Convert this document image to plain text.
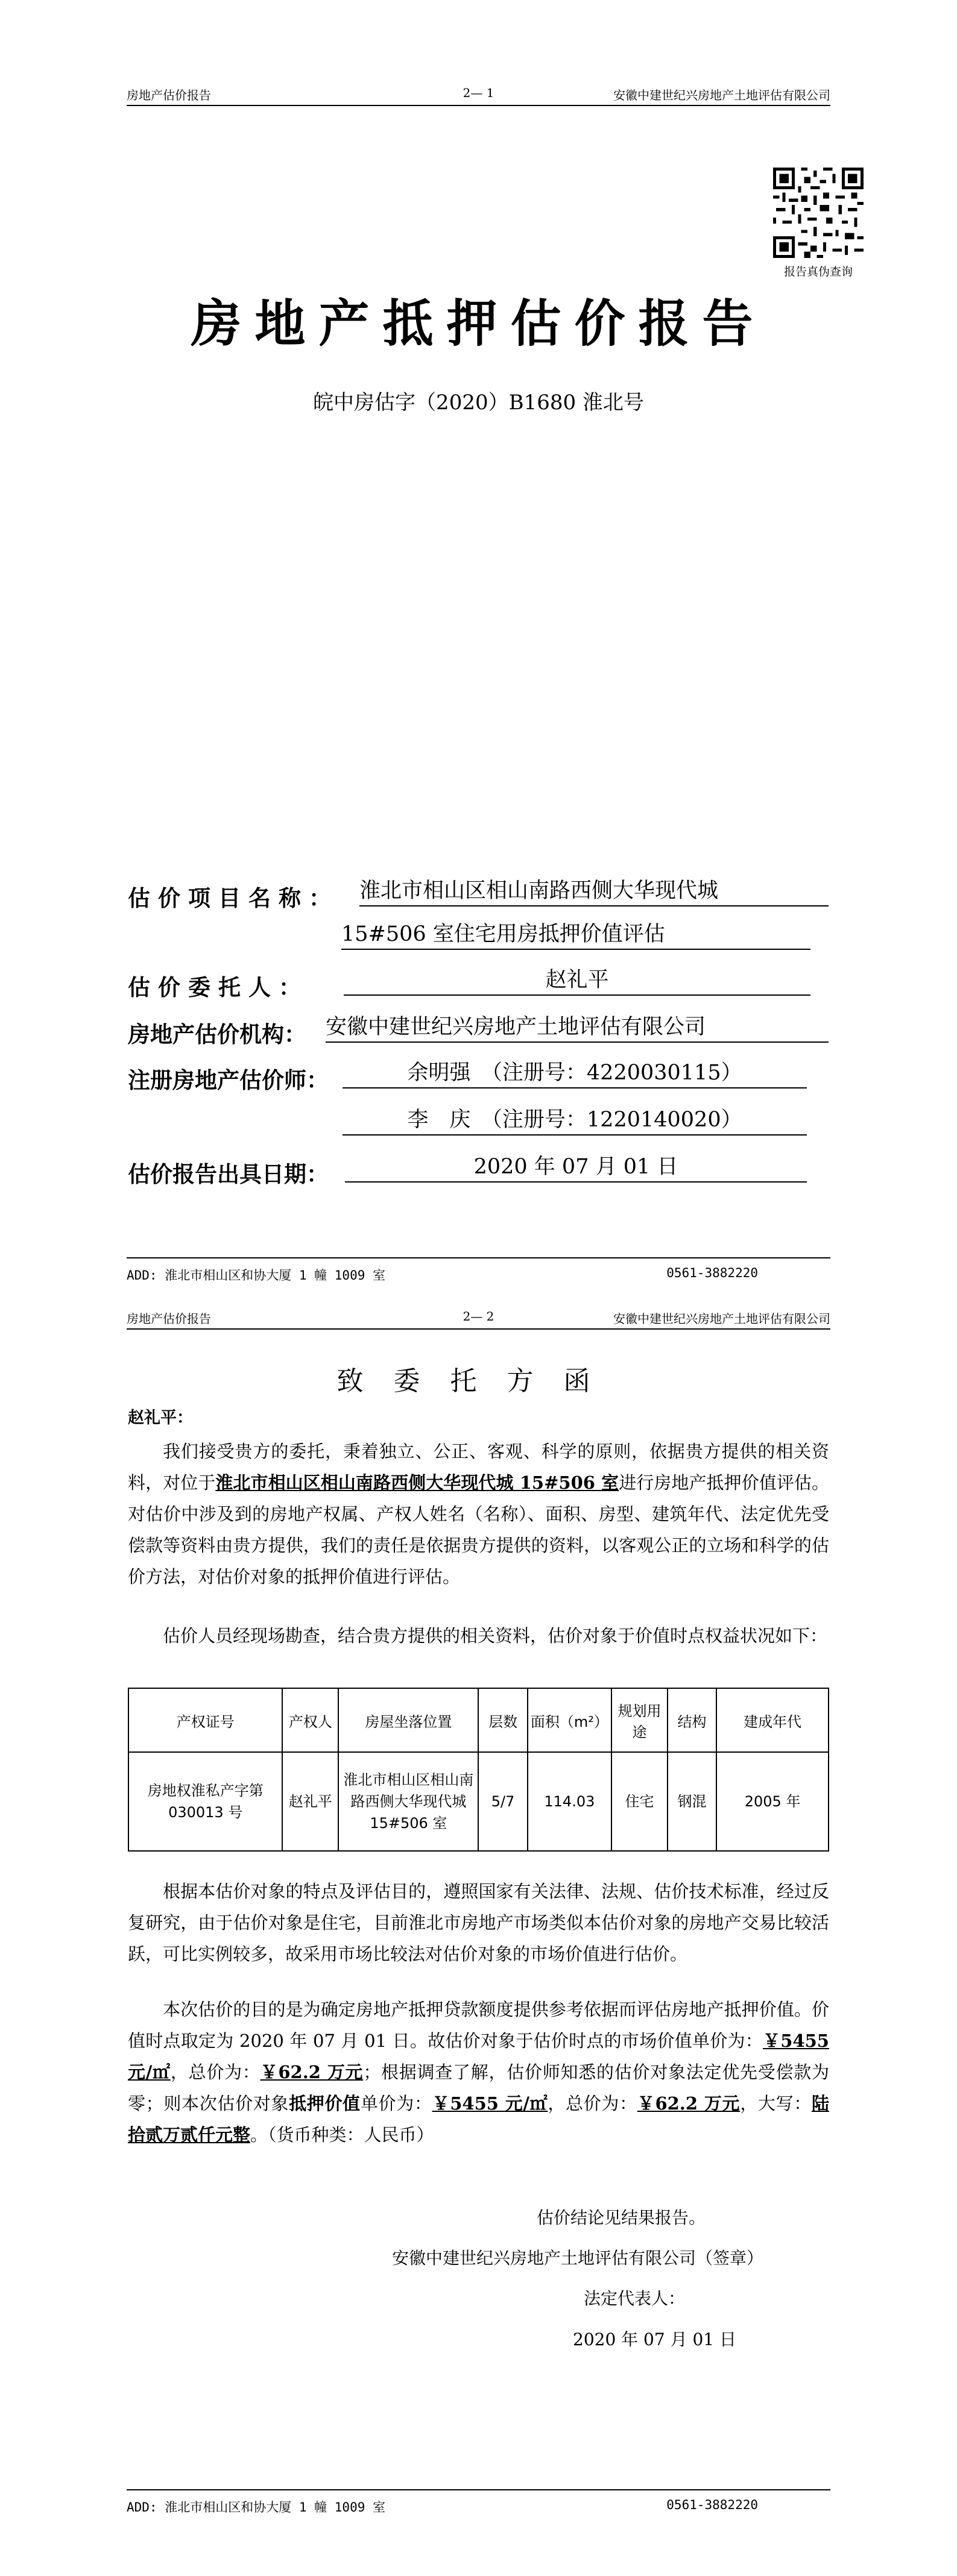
房地产估价报告	2— 1	安徽中建世纪兴房地产土地评估有限公司
报告真伪查询
房地产抵押估价报告
皖中房估字（2020）B1680 淮北号
估价项目名称： 淮北市相山区相山南路西侧大华现代城
15#506 室住宅用房抵押价值评估
估价委托人：	赵礼平
房地产估价机构： 安徽中建世纪兴房地产土地评估有限公司
注册房地产估价师：	余明强　（注册号：4220030115）
李　庆　（注册号：1220140020）
估价报告出具日期：	2020 年 07 月 01 日
ADD: 淮北市相山区和协大厦 1 幢 1009 室	0561-3882220
房地产估价报告	2— 2	安徽中建世纪兴房地产土地评估有限公司
致委托方函
赵礼平：
我们接受贵方的委托，秉着独立、公正、客观、科学的原则，依据贵方提供的相关资料，对位于淮北市相山区相山南路西侧大华现代城 15#506 室进行房地产抵押价值评估。对估价中涉及到的房地产权属、产权人姓名（名称）、面积、房型、建筑年代、法定优先受偿款等资料由贵方提供，我们的责任是依据贵方提供的资料，以客观公正的立场和科学的估价方法，对估价对象的抵押价值进行评估。
估价人员经现场勘查，结合贵方提供的相关资料，估价对象于价值时点权益状况如下：
产权证号	产权人	房屋坐落位置	层数	面积（m²）	规划用途	结构	建成年代
房地权淮私产字第 030013 号	赵礼平	淮北市相山区相山南路西侧大华现代城 15#506 室	5/7	114.03	住宅	钢混	2005 年
根据本估价对象的特点及评估目的，遵照国家有关法律、法规、估价技术标准，经过反复研究，由于估价对象是住宅，目前淮北市房地产市场类似本估价对象的房地产交易比较活跃，可比实例较多，故采用市场比较法对估价对象的市场价值进行估价。
本次估价的目的是为确定房地产抵押贷款额度提供参考依据而评估房地产抵押价值。价值时点取定为 2020 年 07 月 01 日。故估价对象于估价时点的市场价值单价为：￥5455 元/㎡，总价为：￥62.2 万元；根据调查了解，估价师知悉的估价对象法定优先受偿款为零；则本次估价对象抵押价值单价为：￥5455 元/㎡，总价为：￥62.2 万元，大写：陆拾贰万贰仟元整。（货币种类：人民币）
估价结论见结果报告。
安徽中建世纪兴房地产土地评估有限公司（签章）
法定代表人：
2020 年 07 月 01 日
ADD: 淮北市相山区和协大厦 1 幢 1009 室	0561-3882220
